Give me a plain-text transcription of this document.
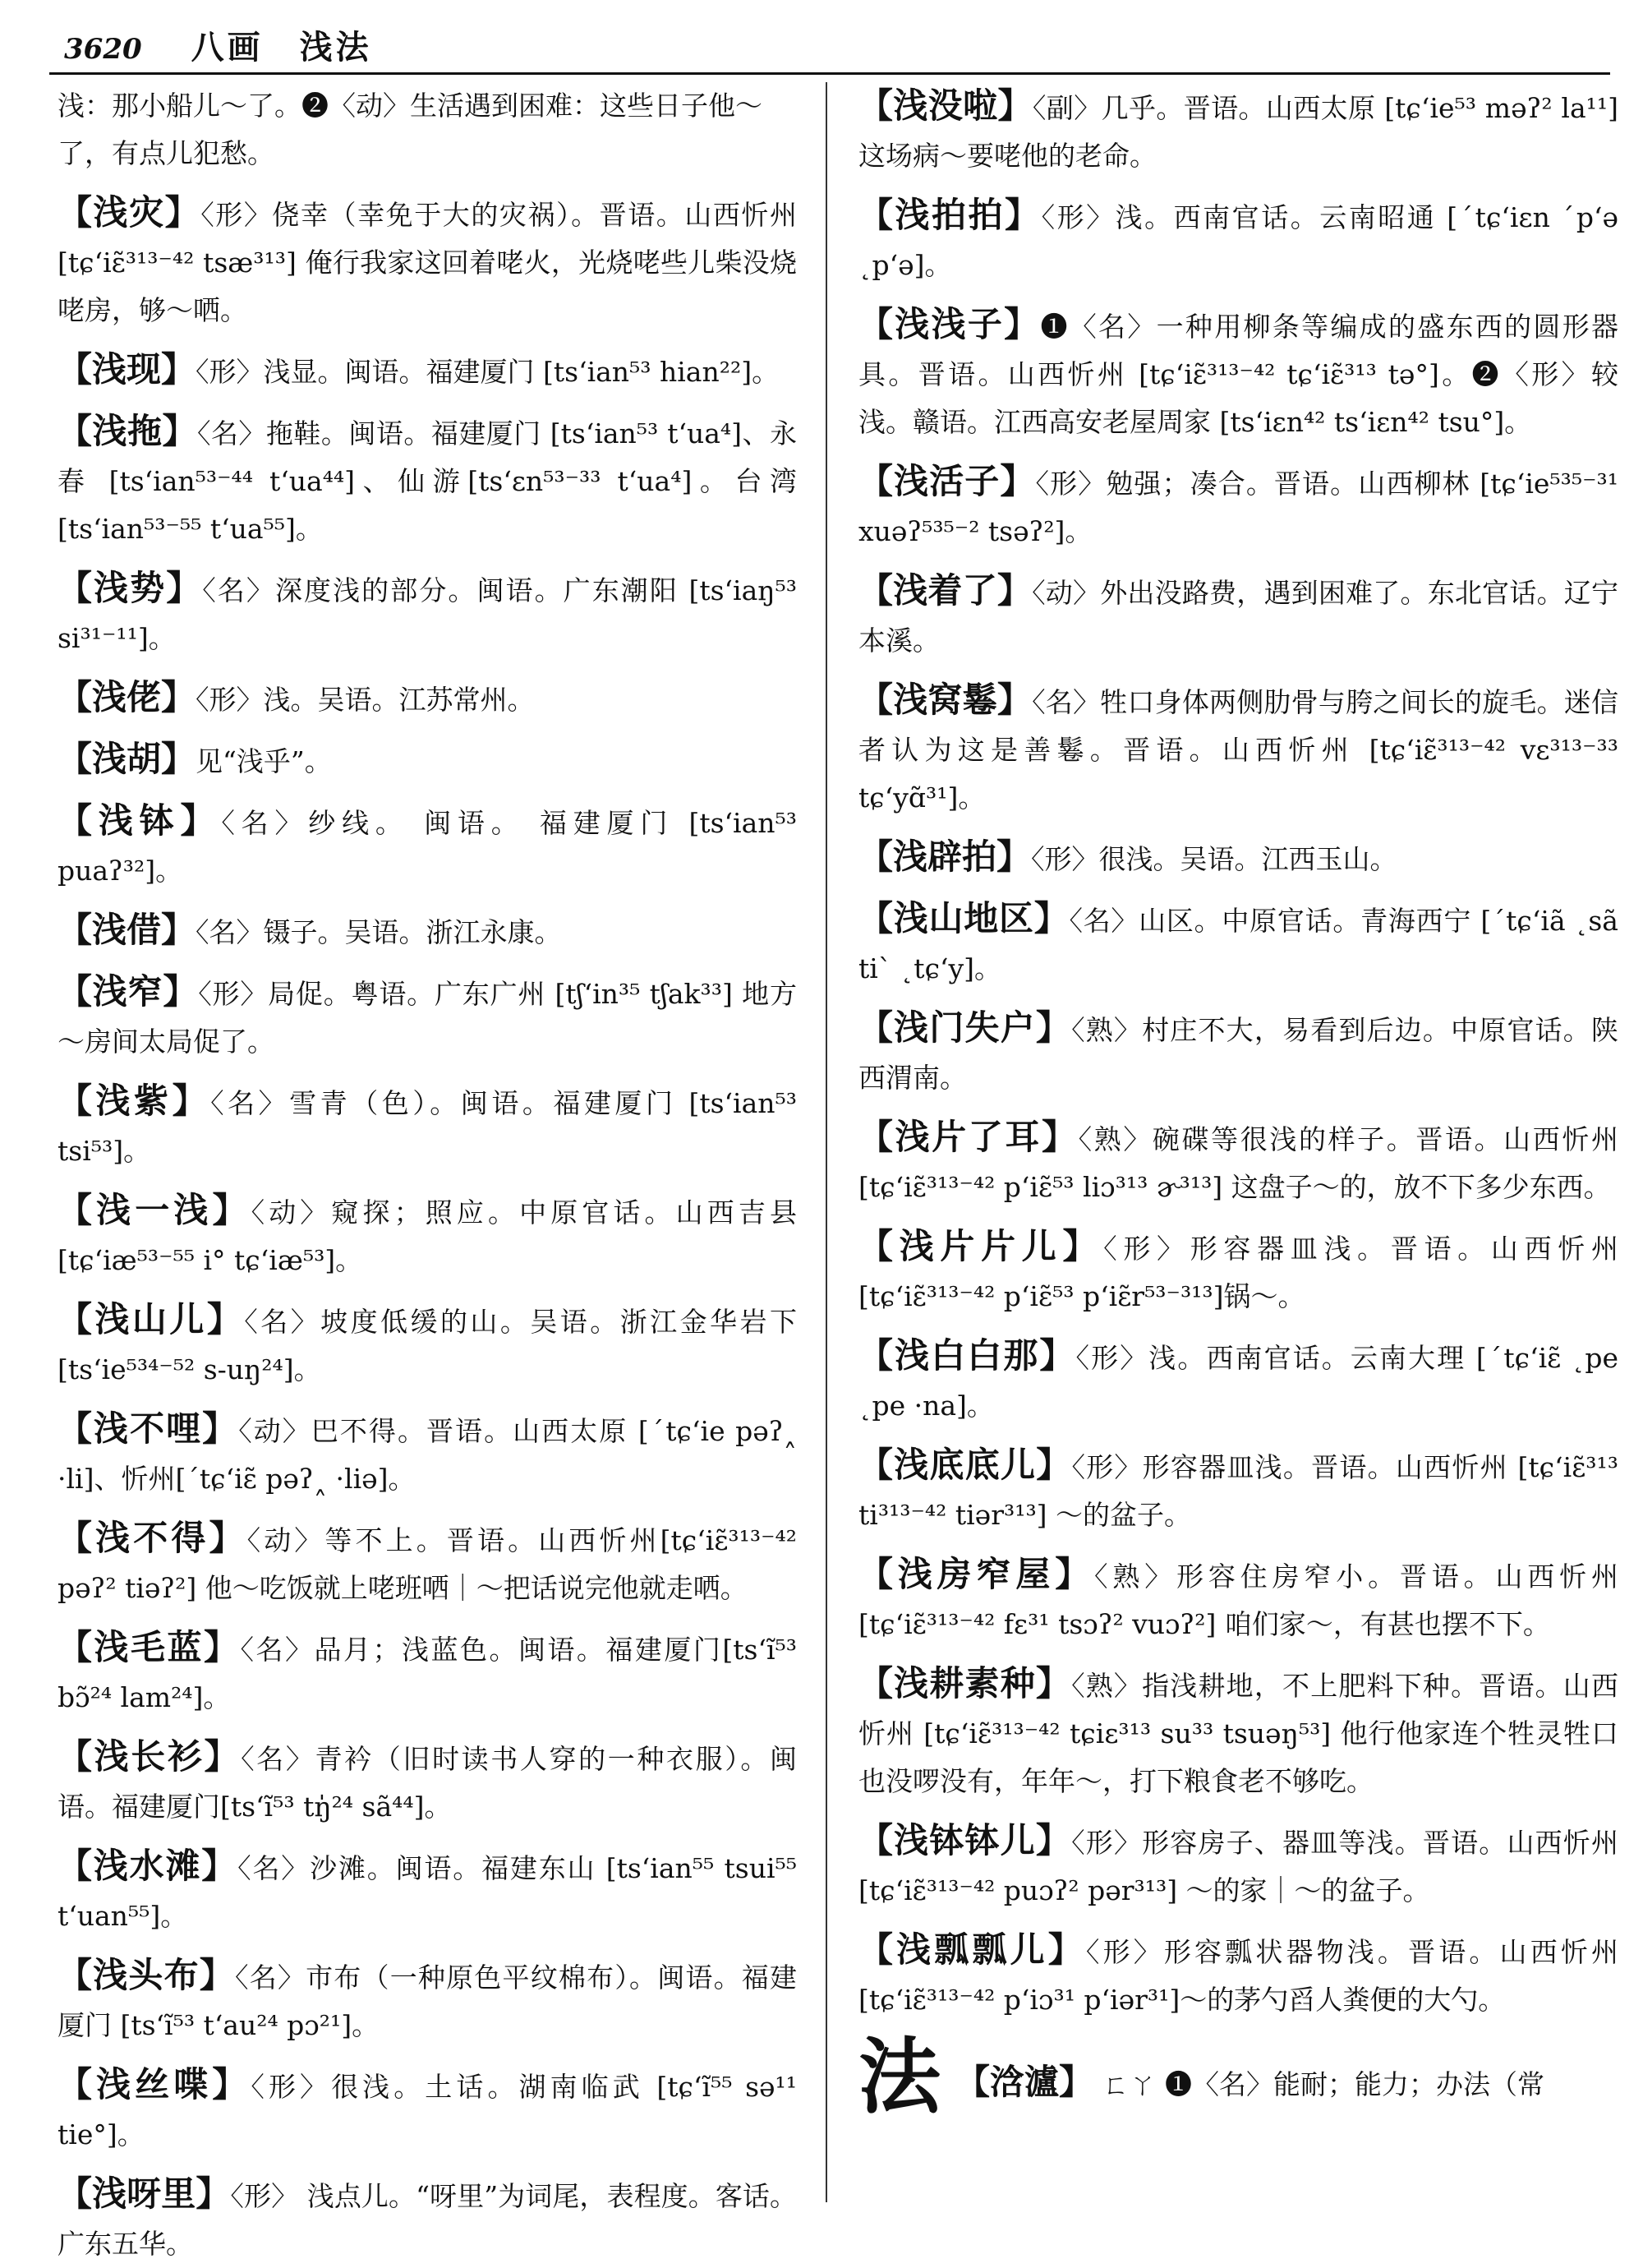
3620 八画　浅法
浅：那小船儿～了。❷〈动〉生活遇到困难：这些日子他～了，有点儿犯愁。
【浅灾】〈形〉侥幸（幸免于大的灾祸）。晋语。山西忻州[tɕʻiɛ̃³¹³⁻⁴² tsæ³¹³] 俺行我家这回着咾火，光烧咾些儿柴没烧咾房，够～哂。
【浅现】〈形〉浅显。闽语。福建厦门 [tsʻian⁵³ hian²²]。
【浅拖】〈名〉拖鞋。闽语。福建厦门 [tsʻian⁵³ tʻua⁴]、永春 [tsʻian⁵³⁻⁴⁴ tʻua⁴⁴]、仙游[tsʻɛn⁵³⁻³³ tʻua⁴]。台湾 [tsʻian⁵³⁻⁵⁵ tʻua⁵⁵]。
【浅势】〈名〉深度浅的部分。闽语。广东潮阳 [tsʻiaŋ⁵³ si³¹⁻¹¹]。
【浅佬】〈形〉浅。吴语。江苏常州。
【浅胡】见“浅乎”。
【浅钵】〈名〉纱线。 闽语。 福建厦门 [tsʻian⁵³ puaʔ³²]。
【浅借】〈名〉镊子。吴语。浙江永康。
【浅窄】〈形〉局促。粤语。广东广州 [tʃʻin³⁵ tʃak³³] 地方～房间太局促了。
【浅紫】〈名〉雪青（色）。闽语。福建厦门 [tsʻian⁵³ tsi⁵³]。
【浅一浅】〈动〉窥探；照应。中原官话。山西吉县 [tɕʻiæ⁵³⁻⁵⁵ i° tɕʻiæ⁵³]。
【浅山儿】〈名〉坡度低缓的山。吴语。浙江金华岩下 [tsʻie⁵³⁴⁻⁵² s-uŋ²⁴]。
【浅不哩】〈动〉巴不得。晋语。山西太原 [ˊtɕʻie pəʔ˰ ·li]、忻州[ˊtɕʻiɛ̃ pəʔ˰ ·liə]。
【浅不得】〈动〉等不上。晋语。山西忻州[tɕʻiɛ̃³¹³⁻⁴² pəʔ² tiəʔ²] 他～吃饭就上咾班哂｜～把话说完他就走哂。
【浅毛蓝】〈名〉品月；浅蓝色。闽语。福建厦门[tsʻĩ⁵³ bɔ̃²⁴ lam²⁴]。
【浅长衫】〈名〉青衿（旧时读书人穿的一种衣服）。闽语。福建厦门[tsʻĩ⁵³ tŋ̍²⁴ sã⁴⁴]。
【浅水滩】〈名〉沙滩。闽语。福建东山 [tsʻian⁵⁵ tsui⁵⁵ tʻuan⁵⁵]。
【浅头布】〈名〉市布（一种原色平纹棉布）。闽语。福建厦门 [tsʻĩ⁵³ tʻau²⁴ pɔ²¹]。
【浅丝喋】〈形〉很浅。土话。湖南临武 [tɕʻĩ⁵⁵ sə¹¹ tie°]。
【浅呀里】〈形〉 浅点儿。“呀里”为词尾，表程度。客话。广东五华。
【浅没啦】〈副〉几乎。晋语。山西太原 [tɕʻie⁵³ məʔ² la¹¹]这场病～要咾他的老命。
【浅拍拍】〈形〉浅。西南官话。云南昭通 [ˊtɕʻiɛn ˊpʻə ˛pʻə]。
【浅浅子】❶〈名〉一种用柳条等编成的盛东西的圆形器具。晋语。山西忻州 [tɕʻiɛ̃³¹³⁻⁴² tɕʻiɛ̃³¹³ tə°]。❷〈形〉较浅。赣语。江西高安老屋周家 [tsʻiɛn⁴² tsʻiɛn⁴² tsu°]。
【浅活子】〈形〉勉强；凑合。晋语。山西柳林 [tɕʻie⁵³⁵⁻³¹ xuəʔ⁵³⁵⁻² tsəʔ²]。
【浅着了】〈动〉外出没路费，遇到困难了。东北官话。辽宁本溪。
【浅窝鬈】〈名〉牲口身体两侧肋骨与胯之间长的旋毛。迷信者认为这是善鬈。晋语。山西忻州 [tɕʻiɛ̃³¹³⁻⁴² vɛ³¹³⁻³³ tɕʻyɑ̃³¹]。
【浅辟拍】〈形〉很浅。吴语。江西玉山。
【浅山地区】〈名〉山区。中原官话。青海西宁 [ˊtɕʻiã ˛sã tiˋ ˛tɕʻy]。
【浅门失户】〈熟〉村庄不大，易看到后边。中原官话。陕西渭南。
【浅片了耳】〈熟〉碗碟等很浅的样子。晋语。山西忻州 [tɕʻiɛ̃³¹³⁻⁴² pʻiɛ̃⁵³ liɔ³¹³ ɚ³¹³] 这盘子～的，放不下多少东西。
【浅片片儿】〈形〉形容器皿浅。晋语。山西忻州 [tɕʻiɛ̃³¹³⁻⁴² pʻiɛ̃⁵³ pʻiɛ̃r⁵³⁻³¹³]锅～。
【浅白白那】〈形〉浅。西南官话。云南大理 [ˊtɕʻiɛ̃ ˛pe ˛pe ·na]。
【浅底底儿】〈形〉形容器皿浅。晋语。山西忻州 [tɕʻiɛ̃³¹³ ti³¹³⁻⁴² tiər³¹³] ～的盆子。
【浅房窄屋】〈熟〉形容住房窄小。晋语。山西忻州 [tɕʻiɛ̃³¹³⁻⁴² fɛ³¹ tsɔʔ² vuɔʔ²] 咱们家～，有甚也摆不下。
【浅耕素种】〈熟〉指浅耕地，不上肥料下种。晋语。山西忻州 [tɕʻiɛ̃³¹³⁻⁴² tɕiɛ³¹³ su³³ tsuəŋ⁵³] 他行他家连个牲灵牲口也没啰没有，年年～，打下粮食老不够吃。
【浅钵钵儿】〈形〉形容房子、器皿等浅。晋语。山西忻州[tɕʻiɛ̃³¹³⁻⁴² puɔʔ² pər³¹³] ～的家｜～的盆子。
【浅瓢瓢儿】〈形〉形容瓢状器物浅。晋语。山西忻州 [tɕʻiɛ̃³¹³⁻⁴² pʻiɔ³¹ pʻiər³¹]～的茅勺舀人粪便的大勺。
法 【浛瀘】 ㄈㄚ ❶〈名〉能耐；能力；办法（常
